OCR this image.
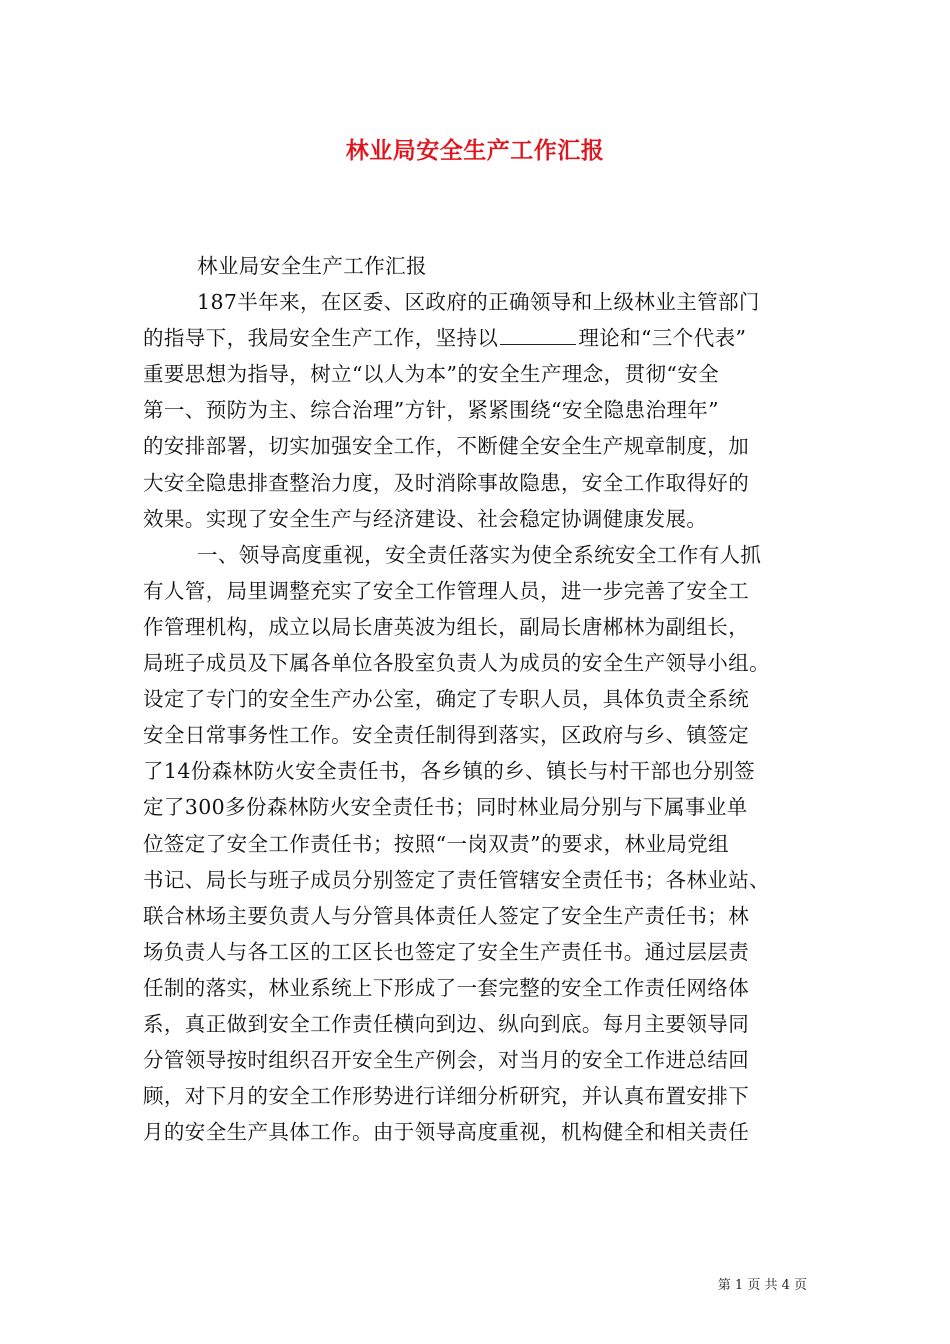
林业局安全生产工作汇报
林业局安全生产工作汇报
187半年来，在区委、区政府的正确领导和上级林业主管部门
的指导下，我局安全生产工作，坚持以	理论和“三个代表”
重要思想为指导，树立“以人为本”的安全生产理念，贯彻“安全
第一、预防为主、综合治理”方针，紧紧围绕“安全隐患治理年”
的安排部署，切实加强安全工作，不断健全安全生产规章制度，加
大安全隐患排查整治力度，及时消除事故隐患，安全工作取得好的
效果。实现了安全生产与经济建设、社会稳定协调健康发展。
一、领导高度重视，安全责任落实为使全系统安全工作有人抓
有人管，局里调整充实了安全工作管理人员，进一步完善了安全工
作管理机构，成立以局长唐英波为组长，副局长唐郴林为副组长，
局班子成员及下属各单位各股室负责人为成员的安全生产领导小组。
设定了专门的安全生产办公室，确定了专职人员，具体负责全系统
安全日常事务性工作。安全责任制得到落实，区政府与乡、镇签定
了14份森林防火安全责任书，各乡镇的乡、镇长与村干部也分别签
定了300多份森林防火安全责任书；同时林业局分别与下属事业单
位签定了安全工作责任书；按照“一岗双责”的要求，林业局党组
书记、局长与班子成员分别签定了责任管辖安全责任书；各林业站、
联合林场主要负责人与分管具体责任人签定了安全生产责任书；林
场负责人与各工区的工区长也签定了安全生产责任书。通过层层责
任制的落实，林业系统上下形成了一套完整的安全工作责任网络体
系，真正做到安全工作责任横向到边、纵向到底。每月主要领导同
分管领导按时组织召开安全生产例会，对当月的安全工作进总结回
顾，对下月的安全工作形势进行详细分析研究，并认真布置安排下
月的安全生产具体工作。由于领导高度重视，机构健全和相关责任
第 1 页 共 4 页
